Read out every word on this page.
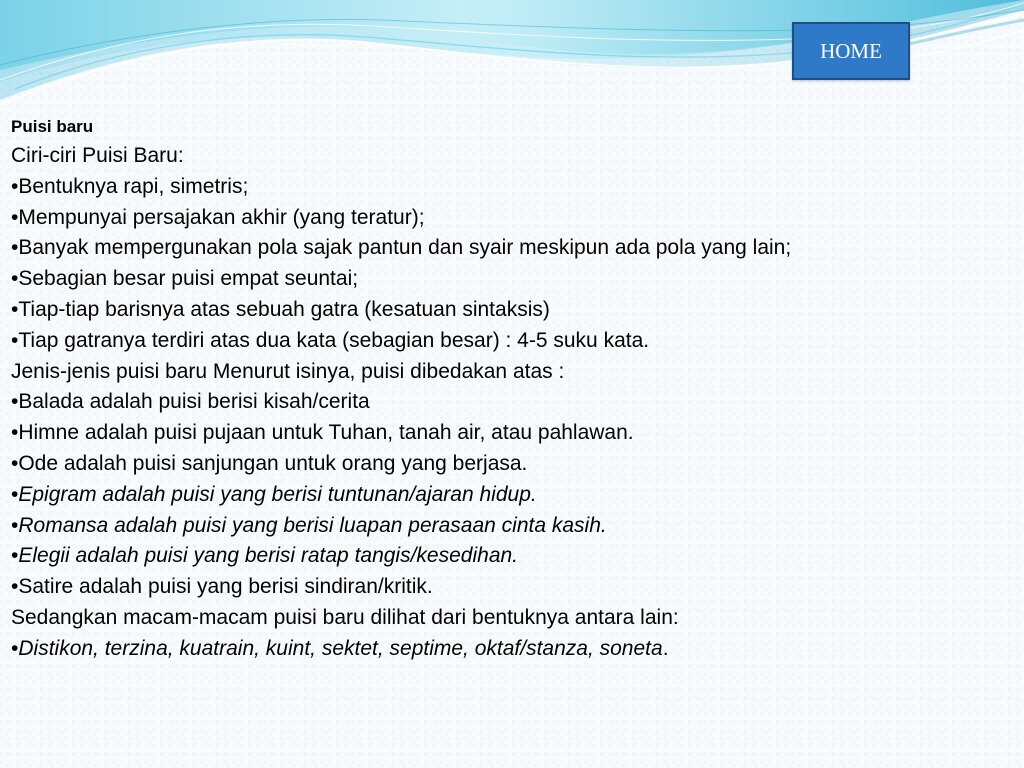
HOME
Puisi baru
Ciri-ciri Puisi Baru:
•Bentuknya rapi, simetris;
•Mempunyai persajakan akhir (yang teratur);
•Banyak mempergunakan pola sajak pantun dan syair meskipun ada pola yang lain;
•Sebagian besar puisi empat seuntai;
•Tiap-tiap barisnya atas sebuah gatra (kesatuan sintaksis)
•Tiap gatranya terdiri atas dua kata (sebagian besar) : 4-5 suku kata.
Jenis-jenis puisi baru Menurut isinya, puisi dibedakan atas :
•Balada adalah puisi berisi kisah/cerita
•Himne adalah puisi pujaan untuk Tuhan, tanah air, atau pahlawan.
•Ode adalah puisi sanjungan untuk orang yang berjasa.
•Epigram adalah puisi yang berisi tuntunan/ajaran hidup.
•Romansa adalah puisi yang berisi luapan perasaan cinta kasih.
•Elegii adalah puisi yang berisi ratap tangis/kesedihan.
•Satire adalah puisi yang berisi sindiran/kritik.
Sedangkan macam-macam puisi baru dilihat dari bentuknya antara lain:
•Distikon, terzina, kuatrain, kuint, sektet, septime, oktaf/stanza, soneta.
